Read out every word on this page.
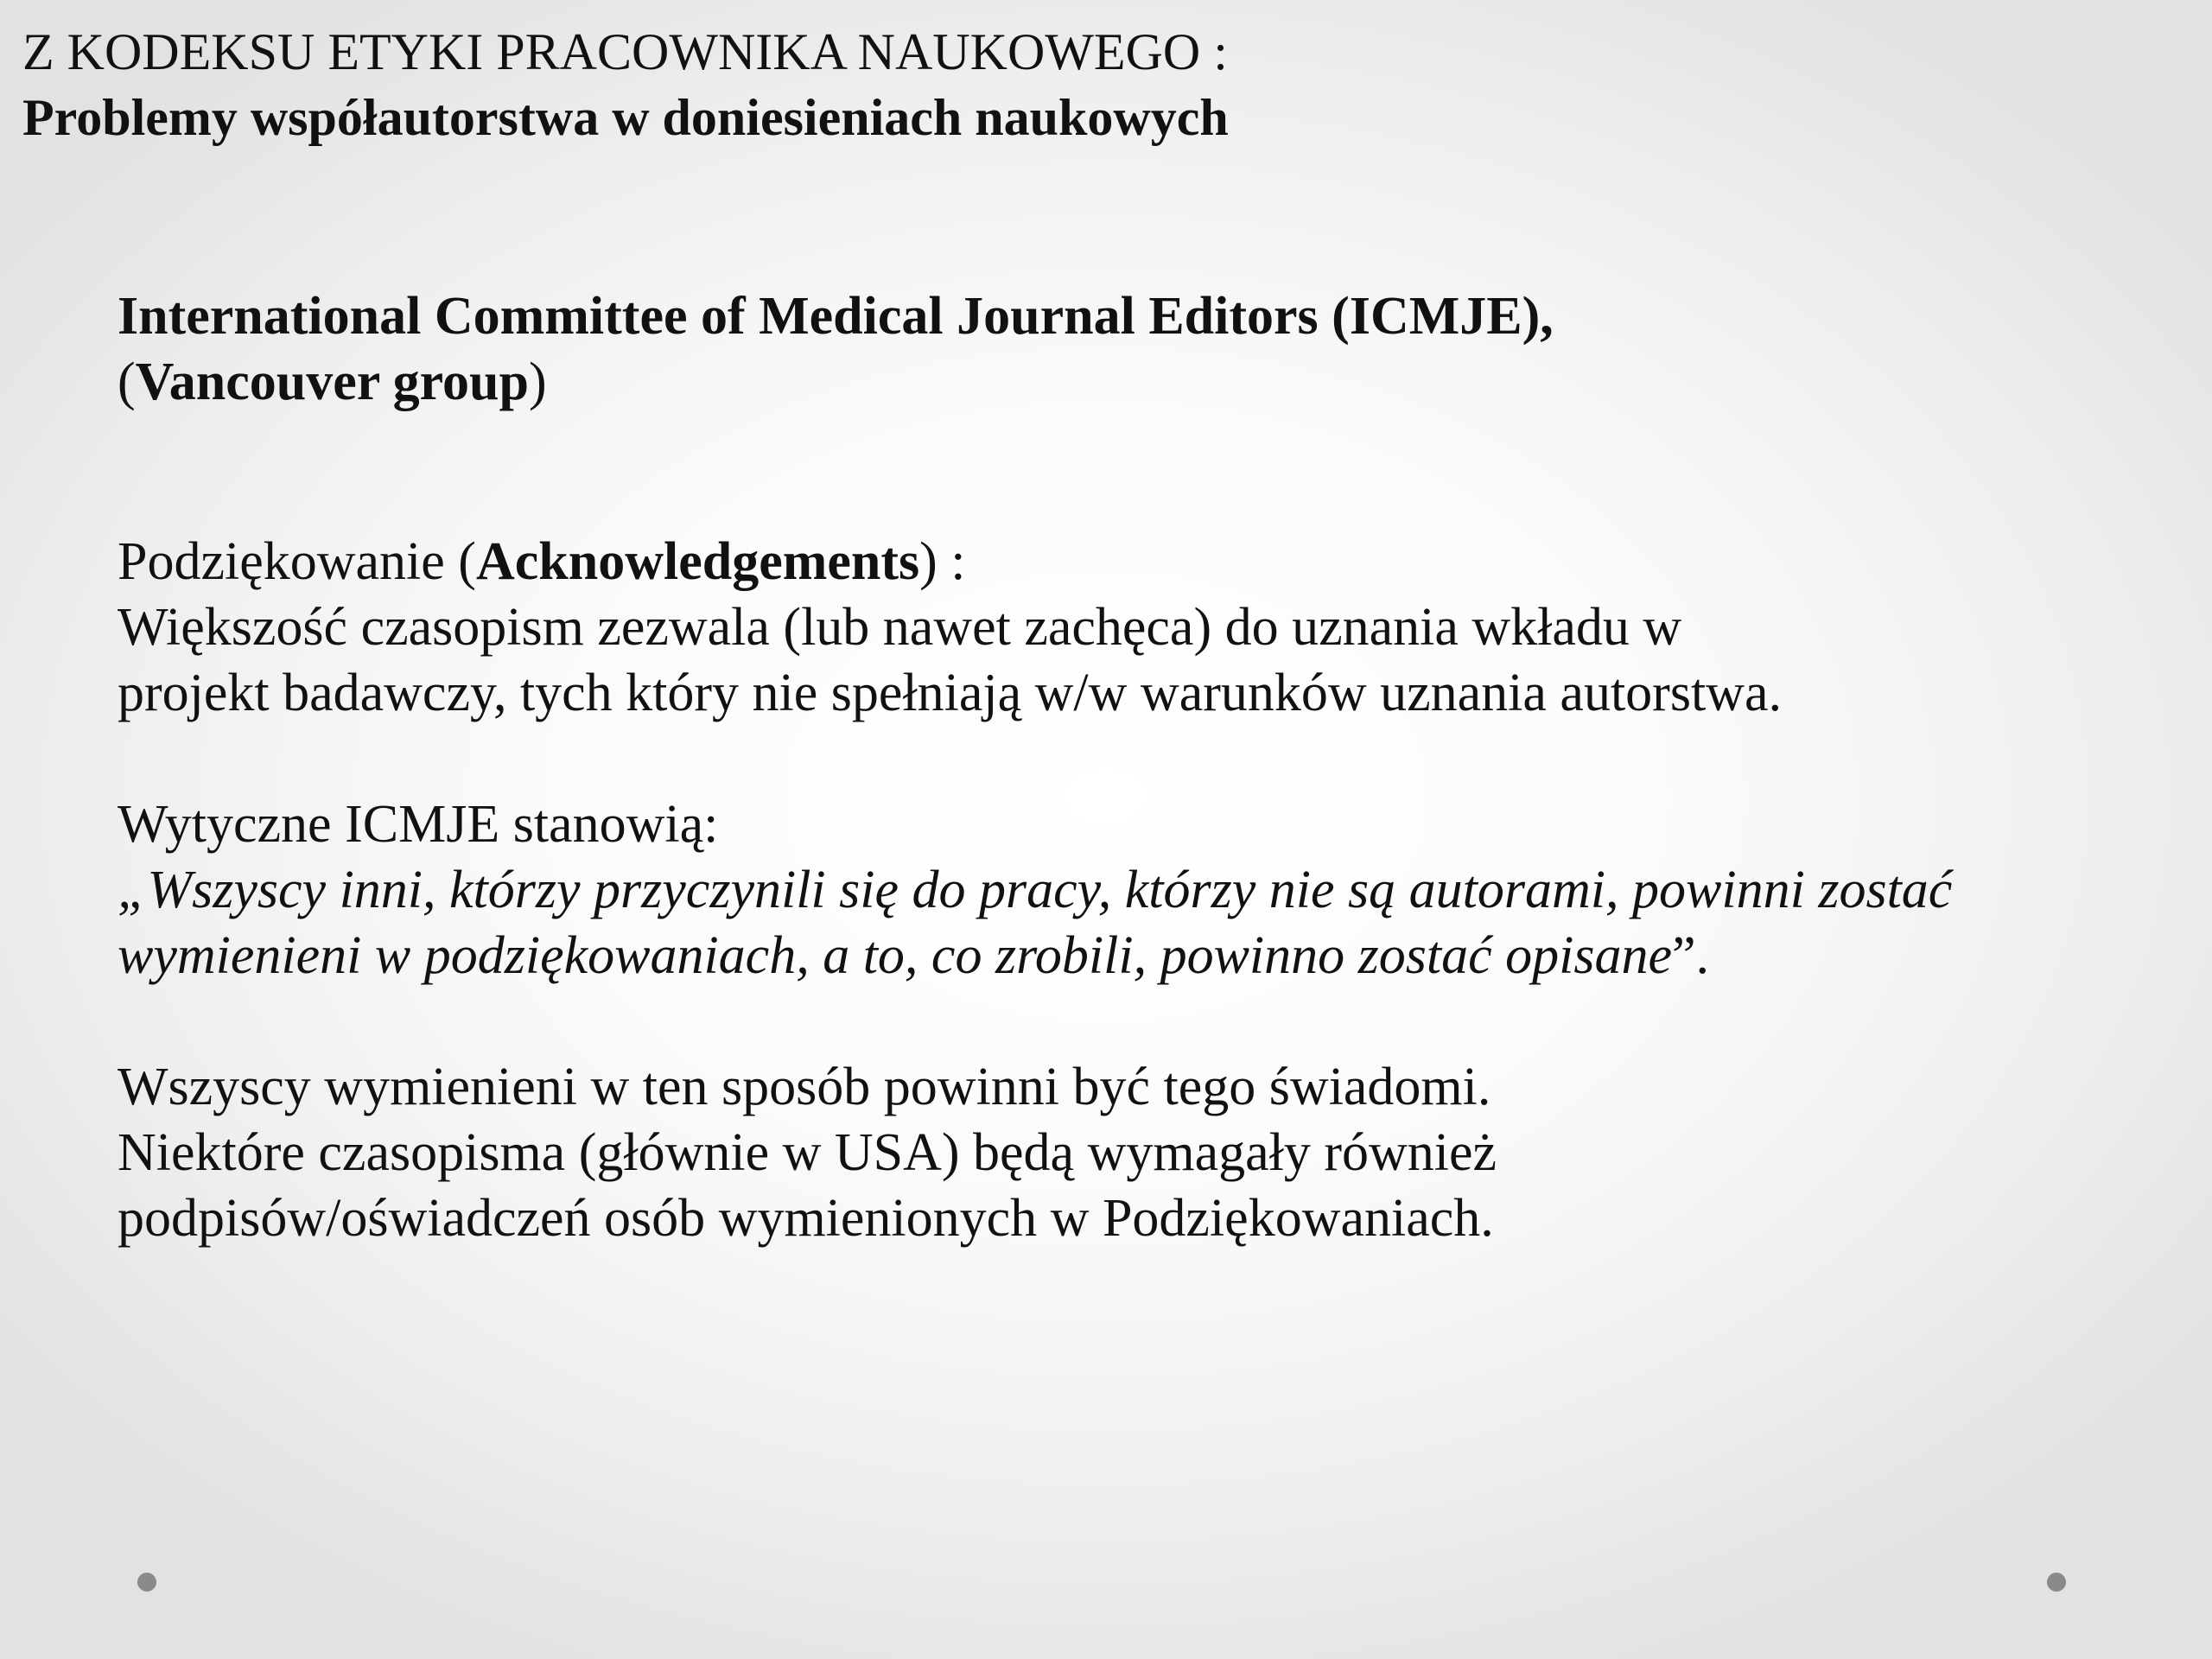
Z KODEKSU ETYKI PRACOWNIKA NAUKOWEGO :
Problemy współautorstwa w doniesieniach naukowych
International Committee of Medical Journal Editors (ICMJE),
(Vancouver group)
Podziękowanie (Acknowledgements) :
Większość czasopism zezwala (lub nawet zachęca) do uznania wkładu w
projekt badawczy, tych który nie spełniają w/w warunków uznania autorstwa.
Wytyczne ICMJE stanowią:
„Wszyscy inni, którzy przyczynili się do pracy, którzy nie są autorami, powinni zostać
wymienieni w podziękowaniach, a to, co zrobili, powinno zostać opisane”.
Wszyscy wymienieni w ten sposób powinni być tego świadomi.
Niektóre czasopisma (głównie w USA) będą wymagały również
podpisów/oświadczeń osób wymienionych w Podziękowaniach.
